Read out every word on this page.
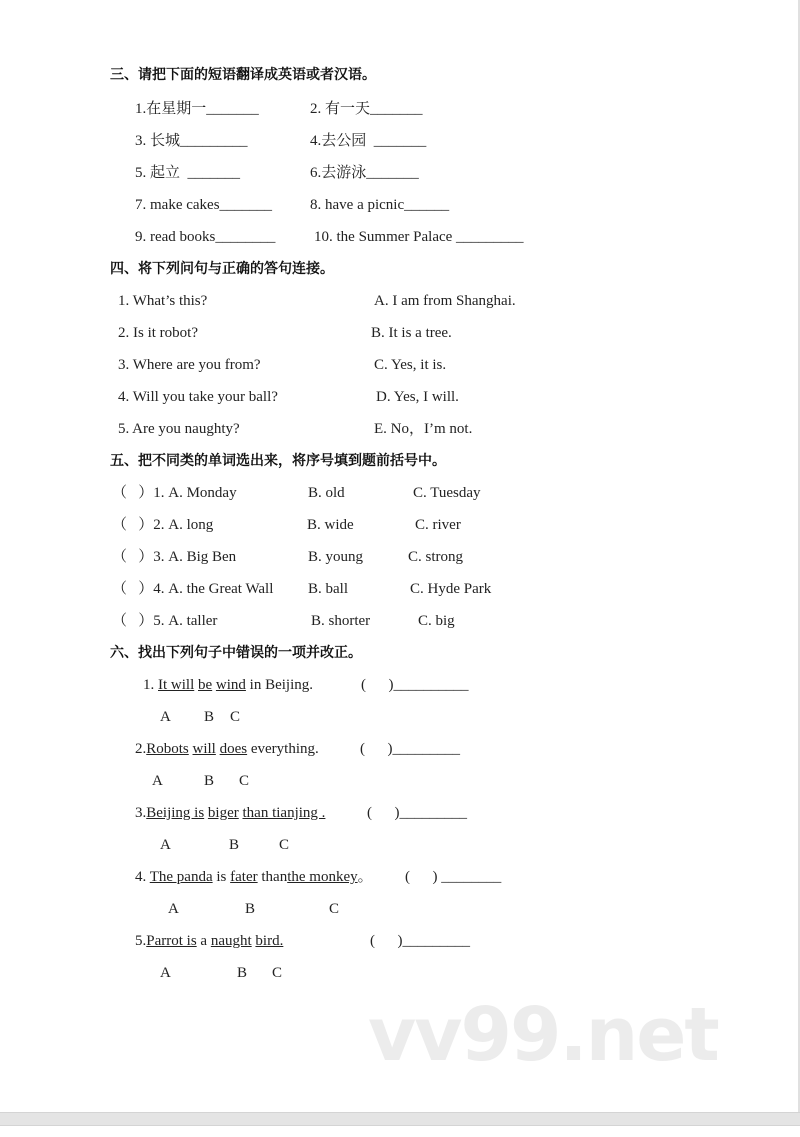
三、请把下面的短语翻译成英语或者汉语。
1.在星期一_______	2. 有一天_______
3. 长城_________	4.去公园  _______
5. 起立  _______	6.去游泳_______
7. make cakes_______	8. have a picnic______
9. read books________	10. the Summer Palace _________
四、将下列问句与正确的答句连接。
1. What’s this?	A. I am from Shanghai.
2. Is it robot?	B. It is a tree.
3. Where are you from?	C. Yes, it is.
4. Will you take your ball?	D. Yes, I will.
5. Are you naughty?	E. No，I’m not.
五、把不同类的单词选出来，将序号填到题前括号中。
（   ）1. A. Monday	B. old	C. Tuesday
（   ）2. A. long	B. wide	C. river
（   ）3. A. Big Ben	B. young	C. strong
（   ）4. A. the Great Wall B. ball	C. Hyde Park
（   ）5. A. taller	B. shorter	C. big
六、找出下列句子中错误的一项并改正。
1. It will be wind in Beijing.	(      )__________
A B C
2.Robots will does everything.	(      )_________
A	B C
3.Beijing is biger than tianjing .	(      )_________
A	B	C
4. The panda is fater thanthe monkey。 (      ) ________
A	B	C
5.Parrot is a naught bird.	(      )_________
A	B C
vv99.net
